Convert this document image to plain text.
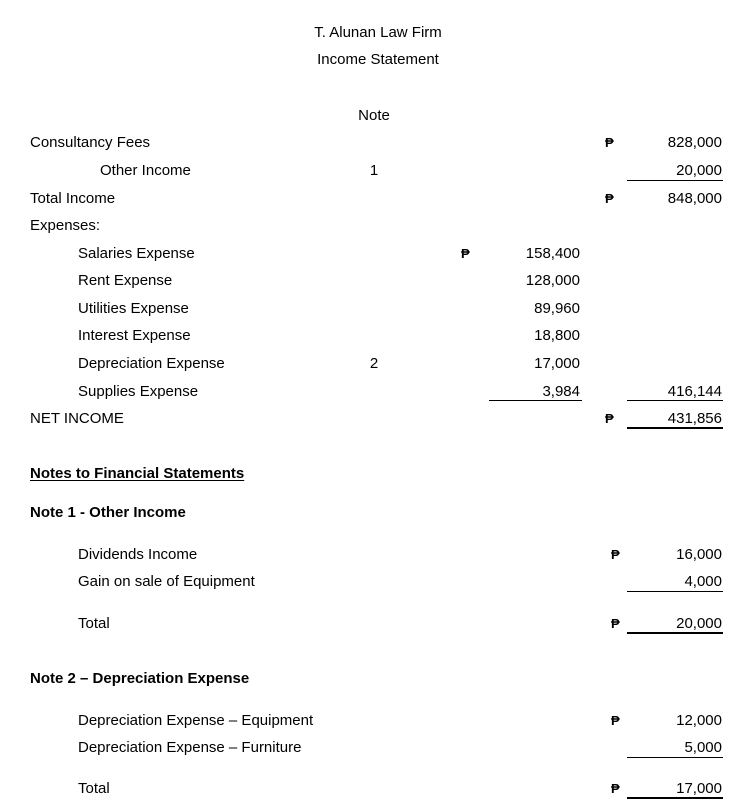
T. Alunan Law Firm
Income Statement
Note
Consultancy Fees	₱	828,000
Other Income	1	20,000
Total Income	₱	848,000
Expenses:
Salaries Expense	₱	158,400
Rent Expense	128,000
Utilities Expense	89,960
Interest Expense	18,800
Depreciation Expense	2	17,000
Supplies Expense	3,984	416,144
NET INCOME	₱	431,856
Notes to Financial Statements
Note 1 - Other Income
Dividends Income	₱	16,000
Gain on sale of Equipment	4,000
Total	₱	20,000
Note 2 – Depreciation Expense
Depreciation Expense – Equipment	₱	12,000
Depreciation Expense – Furniture	5,000
Total	₱	17,000
